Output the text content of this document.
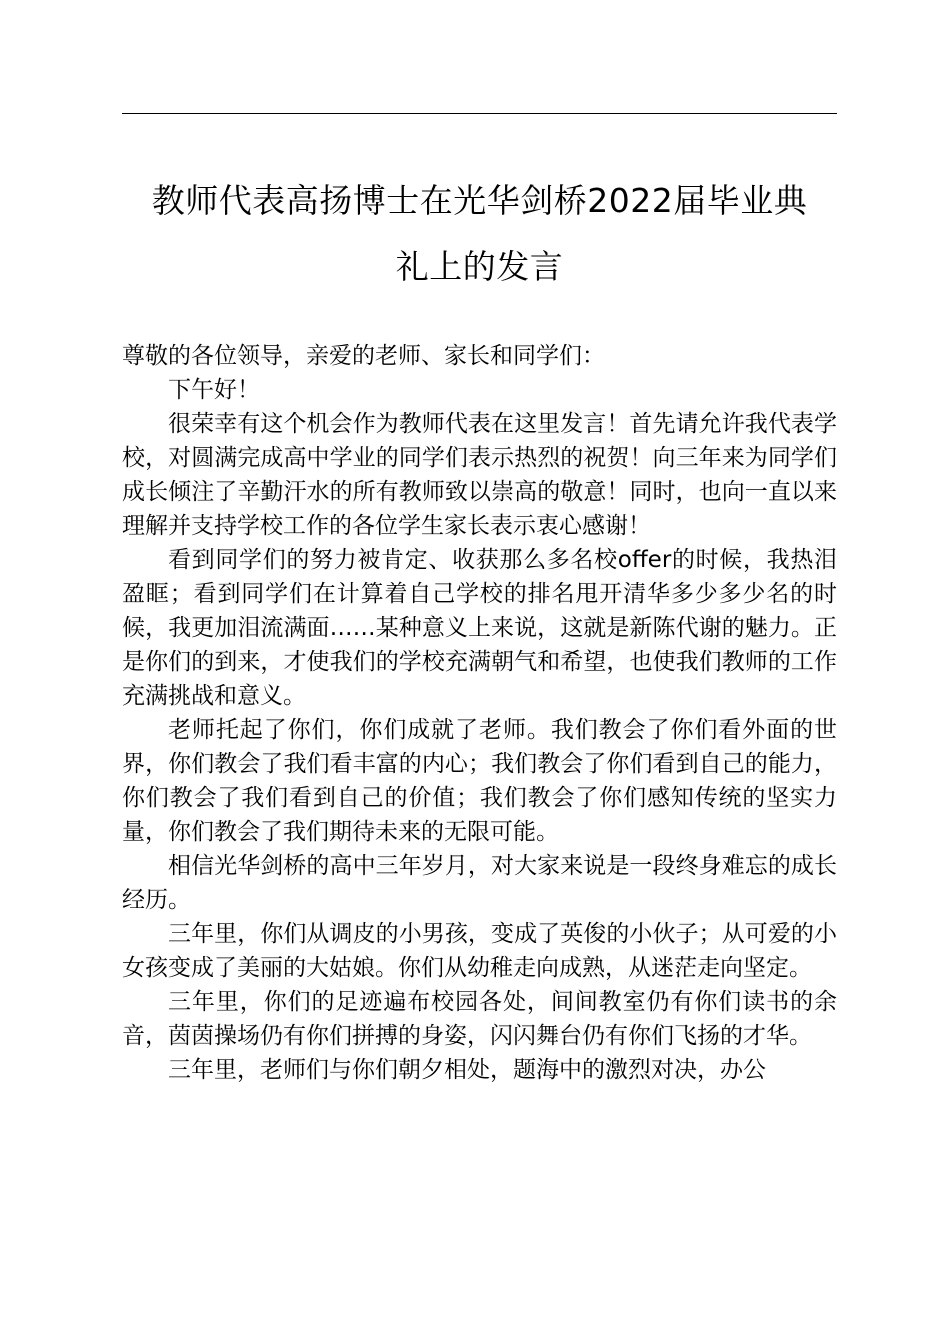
教师代表高扬博士在光华剑桥2022届毕业典
礼上的发言

尊敬的各位领导，亲爱的老师、家长和同学们：

下午好！

很荣幸有这个机会作为教师代表在这里发言！首先请允许我代表学校，对圆满完成高中学业的同学们表示热烈的祝贺！向三年来为同学们成长倾注了辛勤汗水的所有教师致以崇高的敬意！同时，也向一直以来理解并支持学校工作的各位学生家长表示衷心感谢！

看到同学们的努力被肯定、收获那么多名校offer的时候，我热泪盈眶；看到同学们在计算着自己学校的排名甩开清华多少多少名的时候，我更加泪流满面……某种意义上来说，这就是新陈代谢的魅力。正是你们的到来，才使我们的学校充满朝气和希望，也使我们教师的工作充满挑战和意义。

老师托起了你们，你们成就了老师。我们教会了你们看外面的世界，你们教会了我们看丰富的内心；我们教会了你们看到自己的能力，你们教会了我们看到自己的价值；我们教会了你们感知传统的坚实力量，你们教会了我们期待未来的无限可能。

相信光华剑桥的高中三年岁月，对大家来说是一段终身难忘的成长经历。

三年里，你们从调皮的小男孩，变成了英俊的小伙子；从可爱的小女孩变成了美丽的大姑娘。你们从幼稚走向成熟，从迷茫走向坚定。

三年里，你们的足迹遍布校园各处，间间教室仍有你们读书的余音，茵茵操场仍有你们拼搏的身姿，闪闪舞台仍有你们飞扬的才华。

三年里，老师们与你们朝夕相处，题海中的激烈对决，办公
